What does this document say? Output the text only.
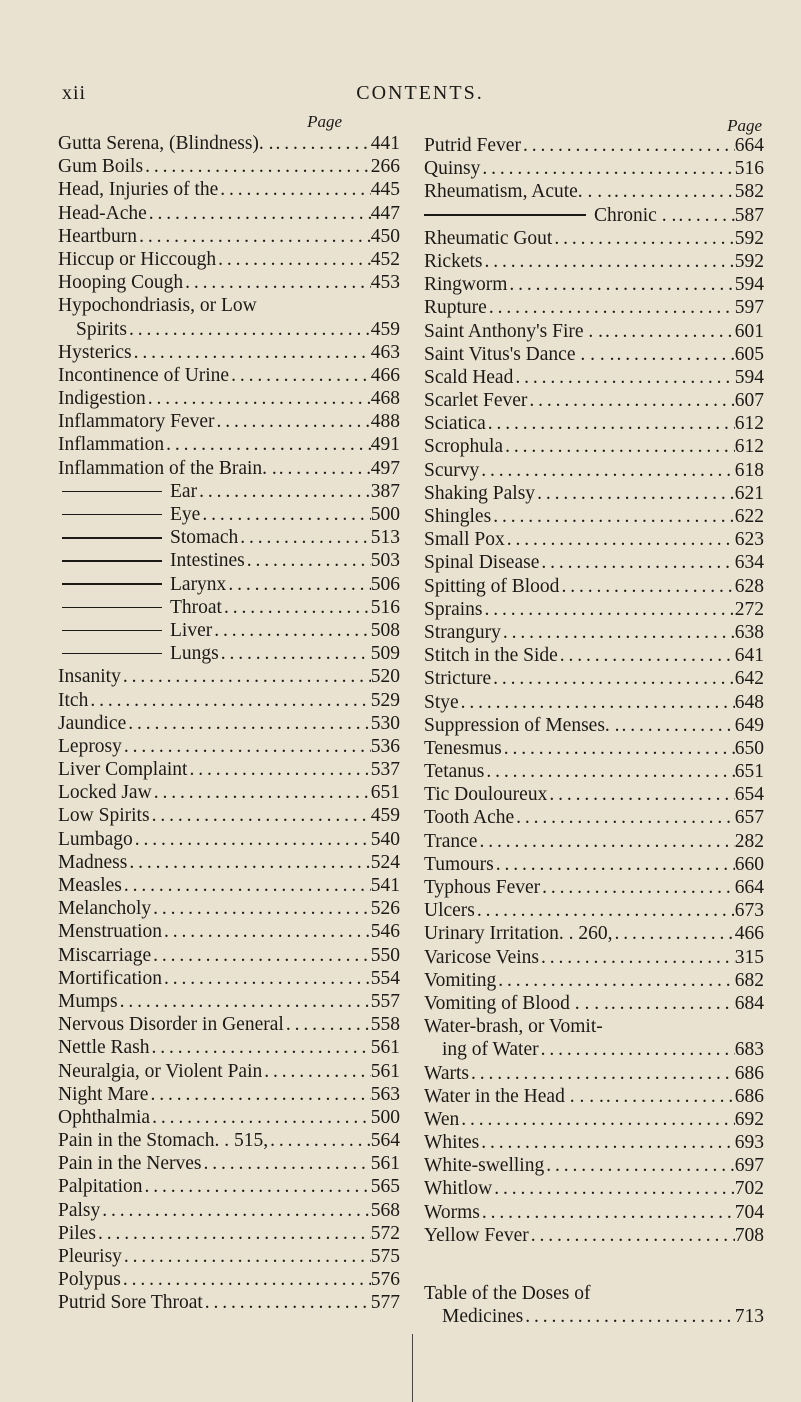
xii	CONTENTS.
Page
Gutta Serena, (Blindness). . . . .	441
Gum Boils . . .	266
Head, Injuries of the . . .	445
Head-Ache . . .	447
Heartburn . . .	450
Hiccup or Hiccough . . .	452
Hooping Cough . . .	453
Hypochondriasis, or Low
Spirits . . .	459
Hysterics . . .	463
Incontinence of Urine . . .	466
Indigestion . . .	468
Inflammatory Fever . . .	488
Inflammation . . .	491
Inflammation of the Brain. . . . .	497
Ear . . .	387
Eye . . .	500
Stomach . . .	513
Intestines . . .	503
Larynx . . .	506
Throat . . .	516
Liver . . .	508
Lungs . . .	509
Insanity . . .	520
Itch . . .	529
Jaundice . . .	530
Leprosy . . .	536
Liver Complaint . . .	537
Locked Jaw . . .	651
Low Spirits . . .	459
Lumbago . . .	540
Madness . . .	524
Measles . . .	541
Melancholy . . .	526
Menstruation . . .	546
Miscarriage . . .	550
Mortification . . .	554
Mumps . . .	557
Nervous Disorder in General . . .	558
Nettle Rash . . .	561
Neuralgia, or Violent Pain . . .	561
Night Mare . . .	563
Ophthalmia . . .	500
Pain in the Stomach. . 515, . . .	564
Pain in the Nerves . . .	561
Palpitation . . .	565
Palsy . . .	568
Piles . . .	572
Pleurisy . . .	575
Polypus . . .	576
Putrid Sore Throat . . .	577
Page
Putrid Fever . . .	664
Quinsy . . .	516
Rheumatism, Acute. . . . . . .	582
Chronic . . . . .	587
Rheumatic Gout . . .	592
Rickets . . .	592
Ringworm . . .	594
Rupture . . .	597
Saint Anthony's Fire . . . . .	601
Saint Vitus's Dance . . . . . . .	605
Scald Head . . .	594
Scarlet Fever . . .	607
Sciatica . . .	612
Scrophula . . .	612
Scurvy . . .	618
Shaking Palsy . . .	621
Shingles . . .	622
Small Pox . . .	623
Spinal Disease . . .	634
Spitting of Blood . . .	628
Sprains . . .	272
Strangury . . .	638
Stitch in the Side . . .	641
Stricture . . .	642
Stye . . .	648
Suppression of Menses. . . . .	649
Tenesmus . . .	650
Tetanus . . .	651
Tic Douloureux . . .	654
Tooth Ache . . .	657
Trance . . .	282
Tumours . . .	660
Typhous Fever . . .	664
Ulcers . . .	673
Urinary Irritation. . 260, . . .	466
Varicose Veins . . .	315
Vomiting . . .	682
Vomiting of Blood . . . . . . .	684
Water-brash, or Vomit-
ing of Water . . .	683
Warts . . .	686
Water in the Head . . . . . . .	686
Wen . . .	692
Whites . . .	693
White-swelling . . .	697
Whitlow . . .	702
Worms . . .	704
Yellow Fever . . .	708
Table of the Doses of
Medicines . . .	713
